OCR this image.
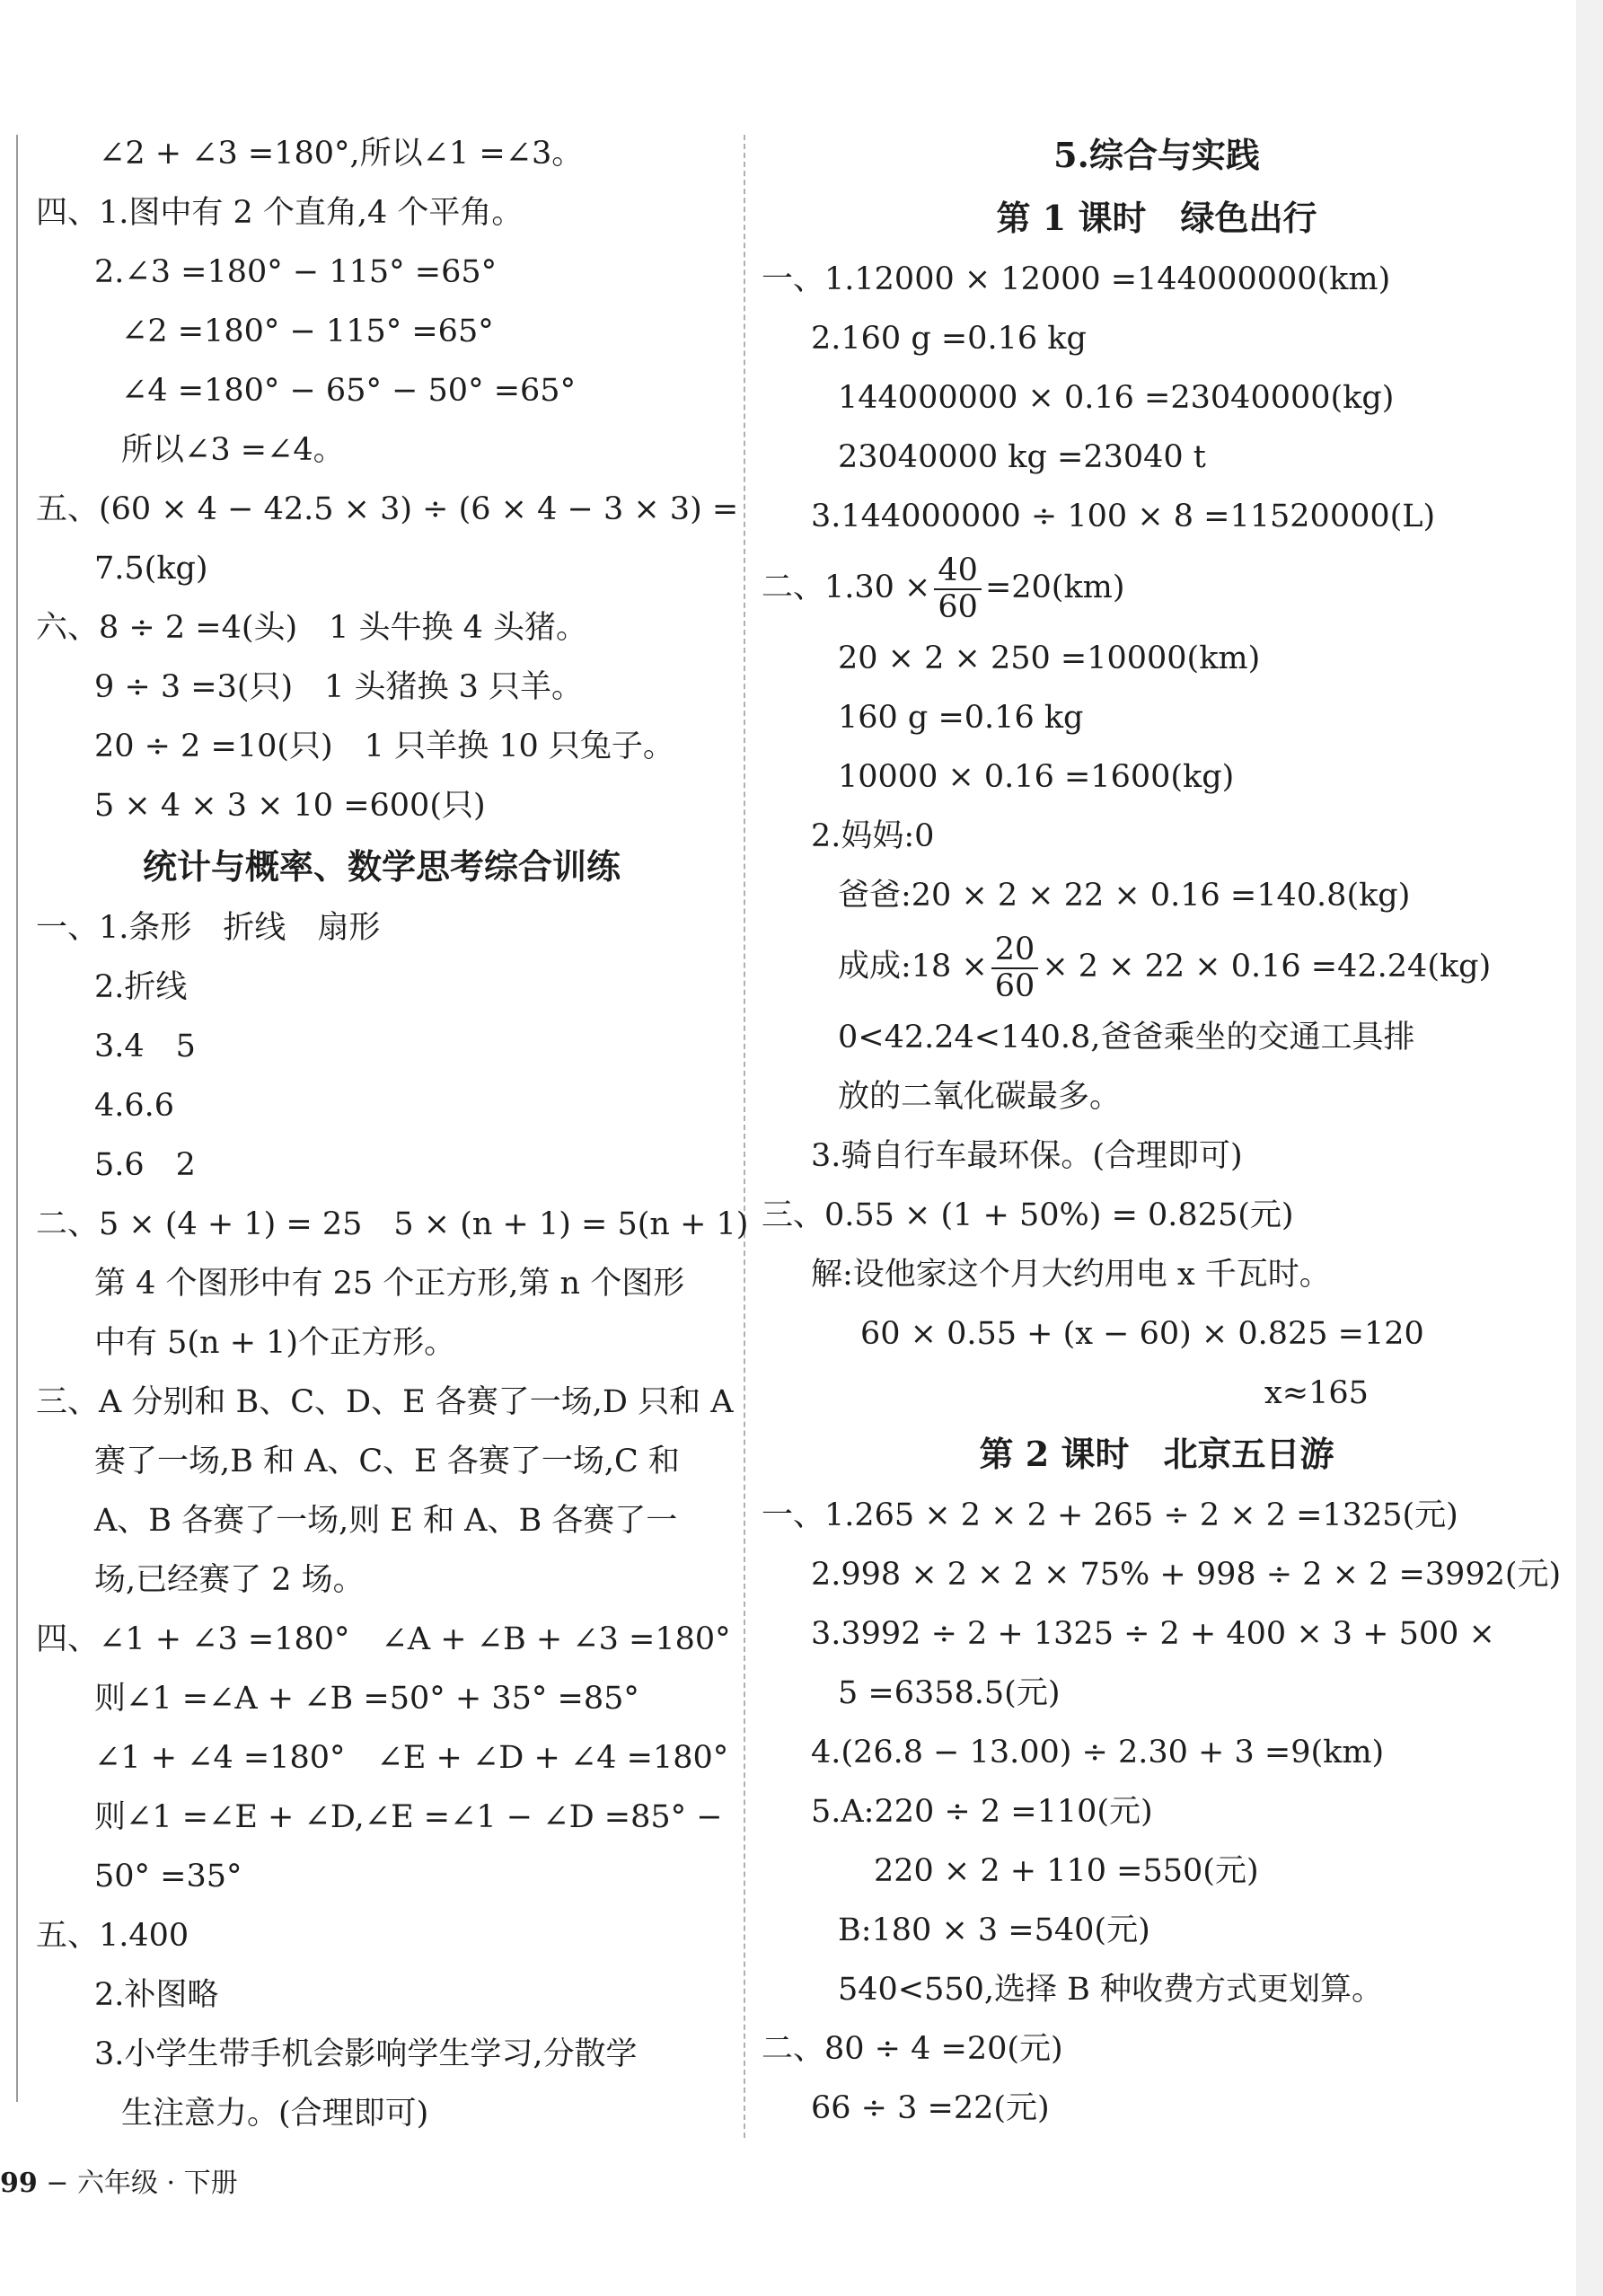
∠2 + ∠3 =180°,所以∠1 =∠3。
四、1.图中有 2 个直角,4 个平角。
2.∠3 =180° − 115° =65°
∠2 =180° − 115° =65°
∠4 =180° − 65° − 50° =65°
所以∠3 =∠4。
五、(60 × 4 − 42.5 × 3) ÷ (6 × 4 − 3 × 3) =
7.5(kg)
六、8 ÷ 2 =4(头)　1 头牛换 4 头猪。
9 ÷ 3 =3(只)　1 头猪换 3 只羊。
20 ÷ 2 =10(只)　1 只羊换 10 只兔子。
5 × 4 × 3 × 10 =600(只)
统计与概率、数学思考综合训练
一、1.条形　折线　扇形
2.折线
3.4　5
4.6.6
5.6　2
二、5 × (4 + 1) = 25　5 × (n + 1) = 5(n + 1)
第 4 个图形中有 25 个正方形,第 n 个图形
中有 5(n + 1)个正方形。
三、A 分别和 B、C、D、E 各赛了一场,D 只和 A
赛了一场,B 和 A、C、E 各赛了一场,C 和
A、B 各赛了一场,则 E 和 A、B 各赛了一
场,已经赛了 2 场。
四、∠1 + ∠3 =180°　∠A + ∠B + ∠3 =180°
则∠1 =∠A + ∠B =50° + 35° =85°
∠1 + ∠4 =180°　∠E + ∠D + ∠4 =180°
则∠1 =∠E + ∠D,∠E =∠1 − ∠D =85° −
50° =35°
五、1.400
2.补图略
3.小学生带手机会影响学生学习,分散学
生注意力。(合理即可)
5.综合与实践
第 1 课时　绿色出行
一、1.12000 × 12000 =144000000(km)
2.160 g =0.16 kg
144000000 × 0.16 =23040000(kg)
23040000 kg =23040 t
3.144000000 ÷ 100 × 8 =11520000(L)
二、$1.30 \times \frac{40}{60} =20(km)$
20 × 2 × 250 =10000(km)
160 g =0.16 kg
10000 × 0.16 =1600(kg)
2.妈妈:0
爸爸:20 × 2 × 22 × 0.16 =140.8(kg)
成成:18 × $\frac{20}{60} \times 2 \times 22 \times 0.16 =42.24(kg)$
0<42.24<140.8,爸爸乘坐的交通工具排
放的二氧化碳最多。
3.骑自行车最环保。(合理即可)
三、0.55 × (1 + 50%) = 0.825(元)
解:设他家这个月大约用电 x 千瓦时。
60 × 0.55 + (x − 60) × 0.825 =120
x≈165
第 2 课时　北京五日游
一、1.265 × 2 × 2 + 265 ÷ 2 × 2 =1325(元)
2.998 × 2 × 2 × 75% + 998 ÷ 2 × 2 =3992(元)
3.3992 ÷ 2 + 1325 ÷ 2 + 400 × 3 + 500 ×
5 =6358.5(元)
4.(26.8 − 13.00) ÷ 2.30 + 3 =9(km)
5.A:220 ÷ 2 =110(元)
220 × 2 + 110 =550(元)
B:180 × 3 =540(元)
540<550,选择 B 种收费方式更划算。
二、80 ÷ 4 =20(元)
66 ÷ 3 =22(元)
99 − 六年级 · 下册
